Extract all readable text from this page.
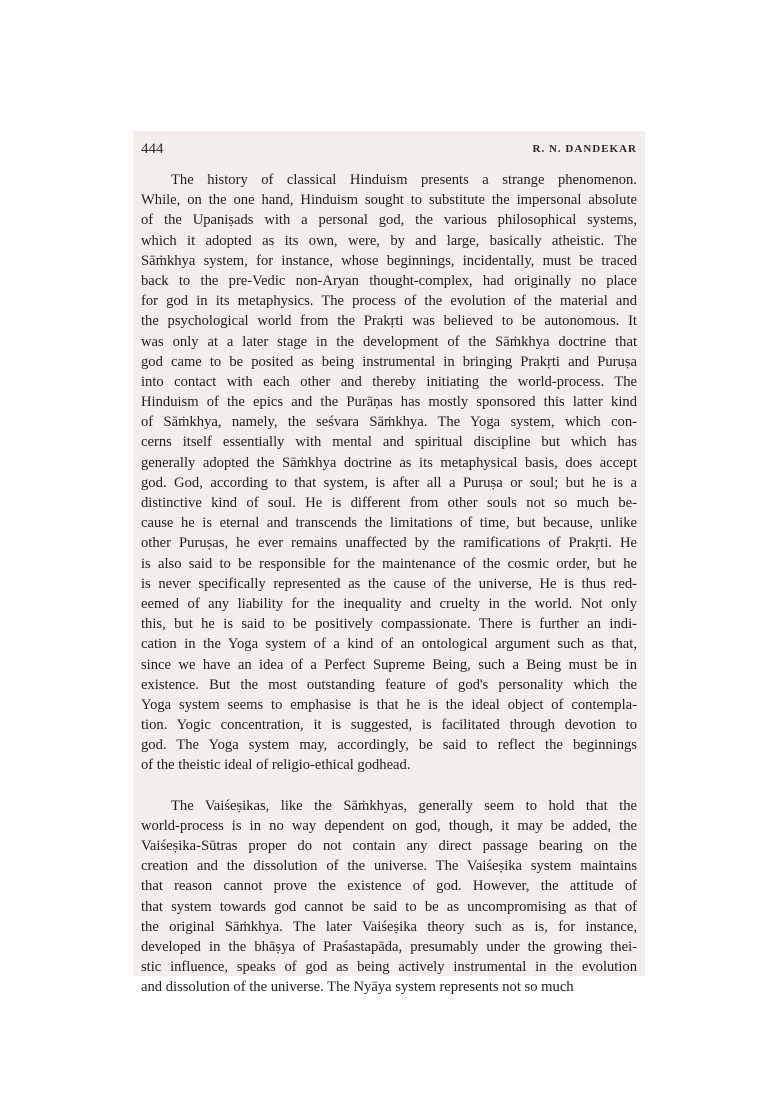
444	R. N. DANDEKAR
The history of classical Hinduism presents a strange phenomenon.
While, on the one hand, Hinduism sought to substitute the impersonal absolute
of the Upaniṣads with a personal god, the various philosophical systems,
which it adopted as its own, were, by and large, basically atheistic. The
Sāṁkhya system, for instance, whose beginnings, incidentally, must be traced
back to the pre-Vedic non-Aryan thought-complex, had originally no place
for god in its metaphysics. The process of the evolution of the material and
the psychological world from the Prakṛti was believed to be autonomous. It
was only at a later stage in the development of the Sāṁkhya doctrine that
god came to be posited as being instrumental in bringing Prakṛti and Puruṣa
into contact with each other and thereby initiating the world-process. The
Hinduism of the epics and the Purāṇas has mostly sponsored this latter kind
of Sāṁkhya, namely, the seśvara Sāṁkhya. The Yoga system, which con-
cerns itself essentially with mental and spiritual discipline but which has
generally adopted the Sāṁkhya doctrine as its metaphysical basis, does accept
god. God, according to that system, is after all a Puruṣa or soul; but he is a
distinctive kind of soul. He is different from other souls not so much be-
cause he is eternal and transcends the limitations of time, but because, unlike
other Puruṣas, he ever remains unaffected by the ramifications of Prakṛti. He
is also said to be responsible for the maintenance of the cosmic order, but he
is never specifically represented as the cause of the universe, He is thus red-
eemed of any liability for the inequality and cruelty in the world. Not only
this, but he is said to be positively compassionate. There is further an indi-
cation in the Yoga system of a kind of an ontological argument such as that,
since we have an idea of a Perfect Supreme Being, such a Being must be in
existence. But the most outstanding feature of god's personality which the
Yoga system seems to emphasise is that he is the ideal object of contempla-
tion. Yogic concentration, it is suggested, is facilitated through devotion to
god. The Yoga system may, accordingly, be said to reflect the beginnings
of the theistic ideal of religio-ethical godhead.
The Vaiśeṣikas, like the Sāṁkhyas, generally seem to hold that the
world-process is in no way dependent on god, though, it may be added, the
Vaiśeṣika-Sūtras proper do not contain any direct passage bearing on the
creation and the dissolution of the universe. The Vaiśeṣika system maintains
that reason cannot prove the existence of god. However, the attitude of
that system towards god cannot be said to be as uncompromising as that of
the original Sāṁkhya. The later Vaiśeṣika theory such as is, for instance,
developed in the bhāṣya of Praśastapāda, presumably under the growing thei-
stic influence, speaks of god as being actively instrumental in the evolution
and dissolution of the universe. The Nyāya system represents not so much
